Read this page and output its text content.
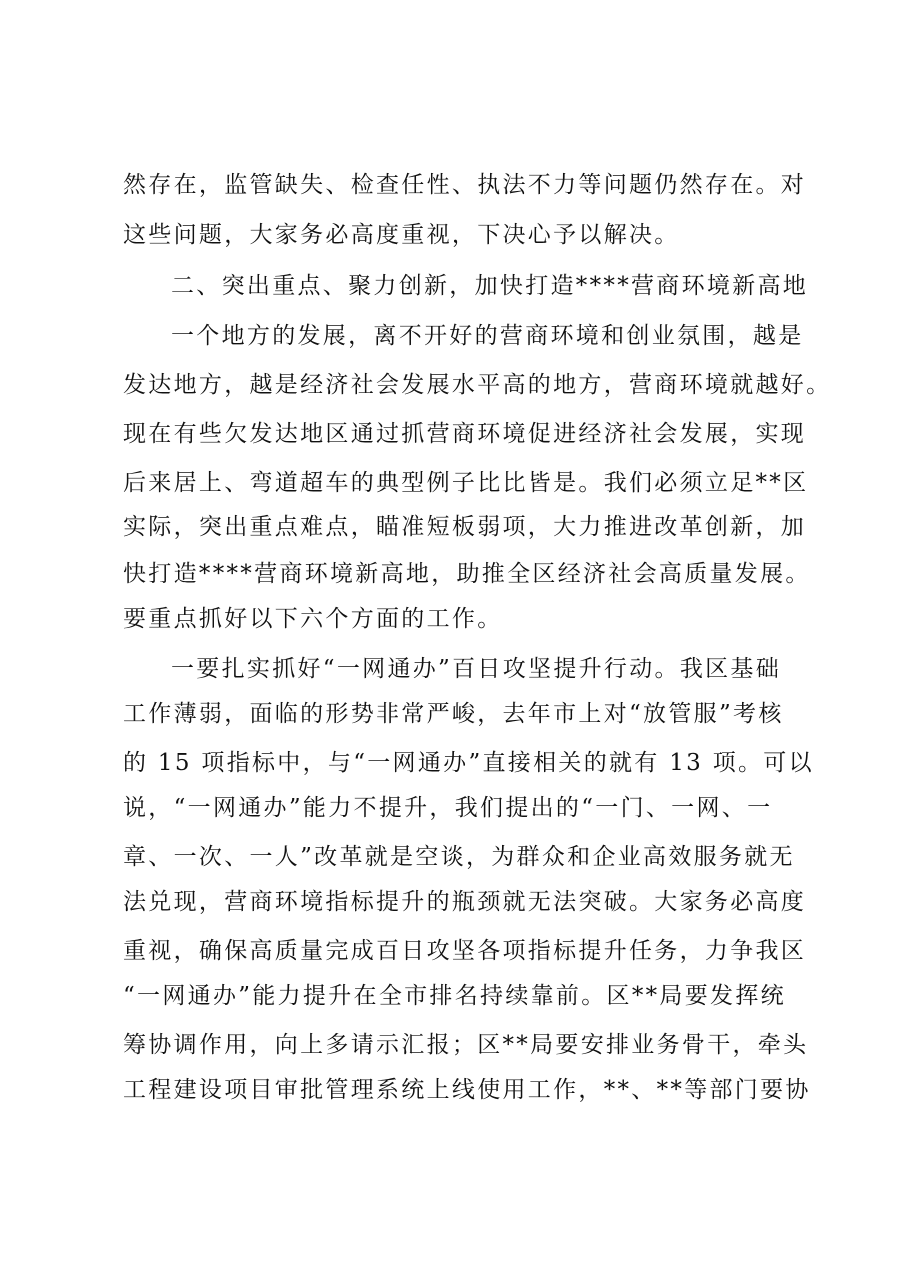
然存在，监管缺失、检查任性、执法不力等问题仍然存在。对
这些问题，大家务必高度重视，下决心予以解决。
二、突出重点、聚力创新，加快打造****营商环境新高地
一个地方的发展，离不开好的营商环境和创业氛围，越是
发达地方，越是经济社会发展水平高的地方，营商环境就越好。
现在有些欠发达地区通过抓营商环境促进经济社会发展，实现
后来居上、弯道超车的典型例子比比皆是。我们必须立足**区
实际，突出重点难点，瞄准短板弱项，大力推进改革创新，加
快打造****营商环境新高地，助推全区经济社会高质量发展。
要重点抓好以下六个方面的工作。
一要扎实抓好“一网通办”百日攻坚提升行动。我区基础
工作薄弱，面临的形势非常严峻，去年市上对“放管服”考核
的 15 项指标中，与“一网通办”直接相关的就有 13 项。可以
说，“一网通办”能力不提升，我们提出的“一门、一网、一
章、一次、一人”改革就是空谈，为群众和企业高效服务就无
法兑现，营商环境指标提升的瓶颈就无法突破。大家务必高度
重视，确保高质量完成百日攻坚各项指标提升任务，力争我区
“一网通办”能力提升在全市排名持续靠前。区**局要发挥统
筹协调作用，向上多请示汇报；区**局要安排业务骨干，牵头
工程建设项目审批管理系统上线使用工作，**、**等部门要协
